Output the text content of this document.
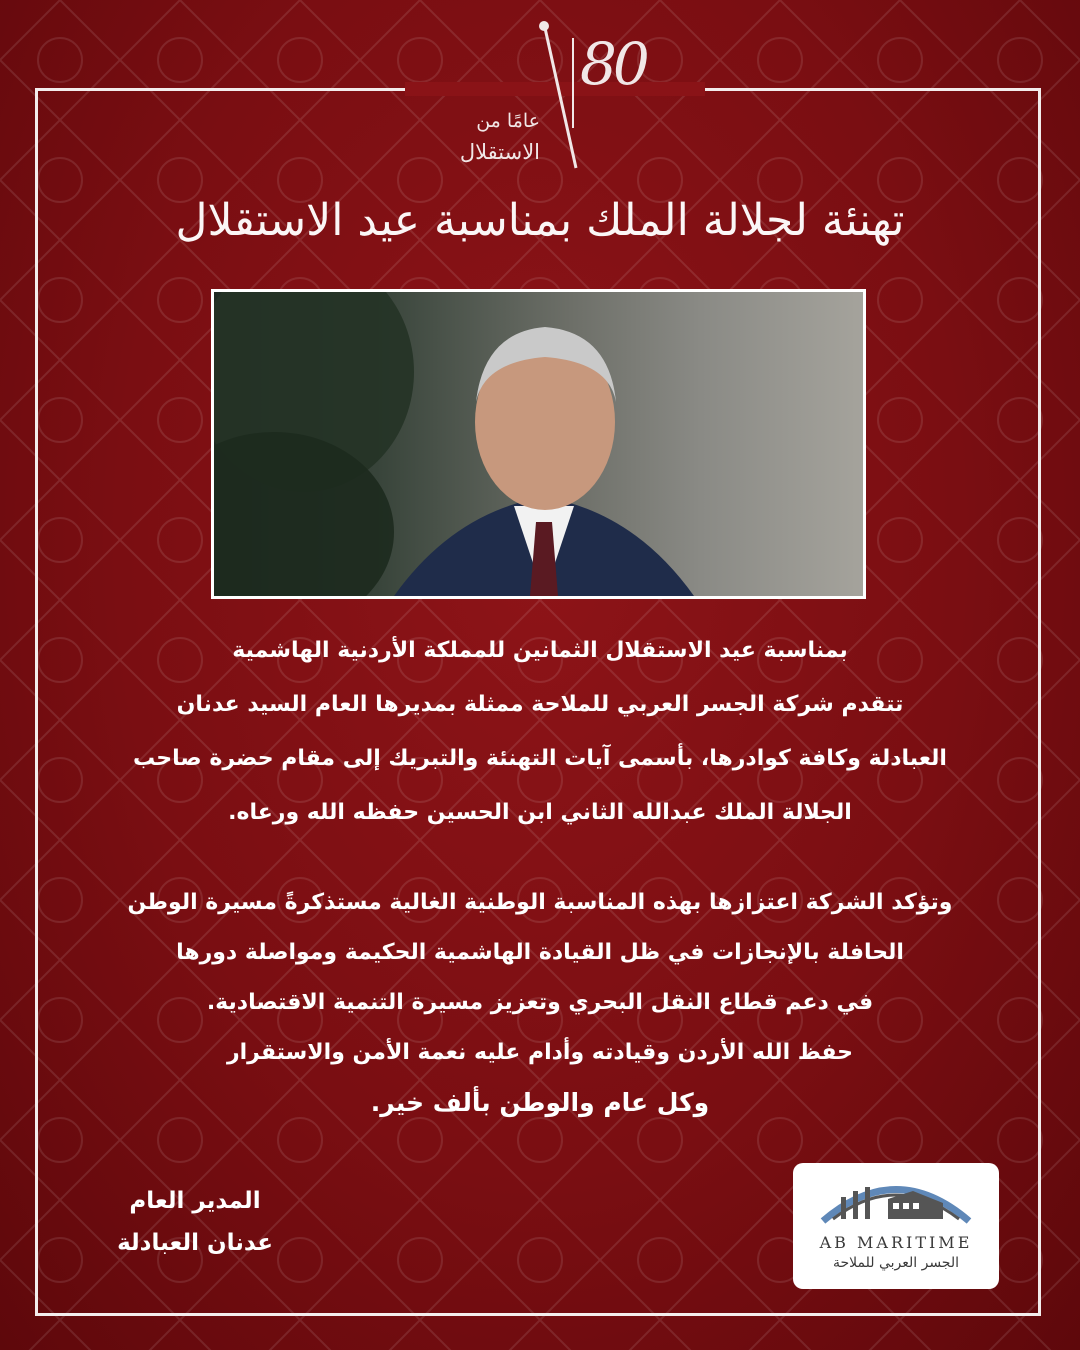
80
عامًا من
الاستقلال
تهنئة لجلالة الملك بمناسبة عيد الاستقلال
بمناسبة عيد الاستقلال الثمانين للمملكة الأردنية الهاشمية
تتقدم شركة الجسر العربي للملاحة ممثلة بمديرها العام السيد عدنان
العبادلة وكافة كوادرها، بأسمى آيات التهنئة والتبريك إلى مقام حضرة صاحب
الجلالة الملك عبدالله الثاني ابن الحسين حفظه الله ورعاه.
وتؤكد الشركة اعتزازها بهذه المناسبة الوطنية الغالية مستذكرةً مسيرة الوطن
الحافلة بالإنجازات في ظل القيادة الهاشمية الحكيمة ومواصلة دورها
في دعم قطاع النقل البحري وتعزيز مسيرة التنمية الاقتصادية.
حفظ الله الأردن وقيادته وأدام عليه نعمة الأمن والاستقرار
وكل عام والوطن بألف خير.
المدير العام
عدنان العبادلة	AB MARITIME
الجسر العربي للملاحة
